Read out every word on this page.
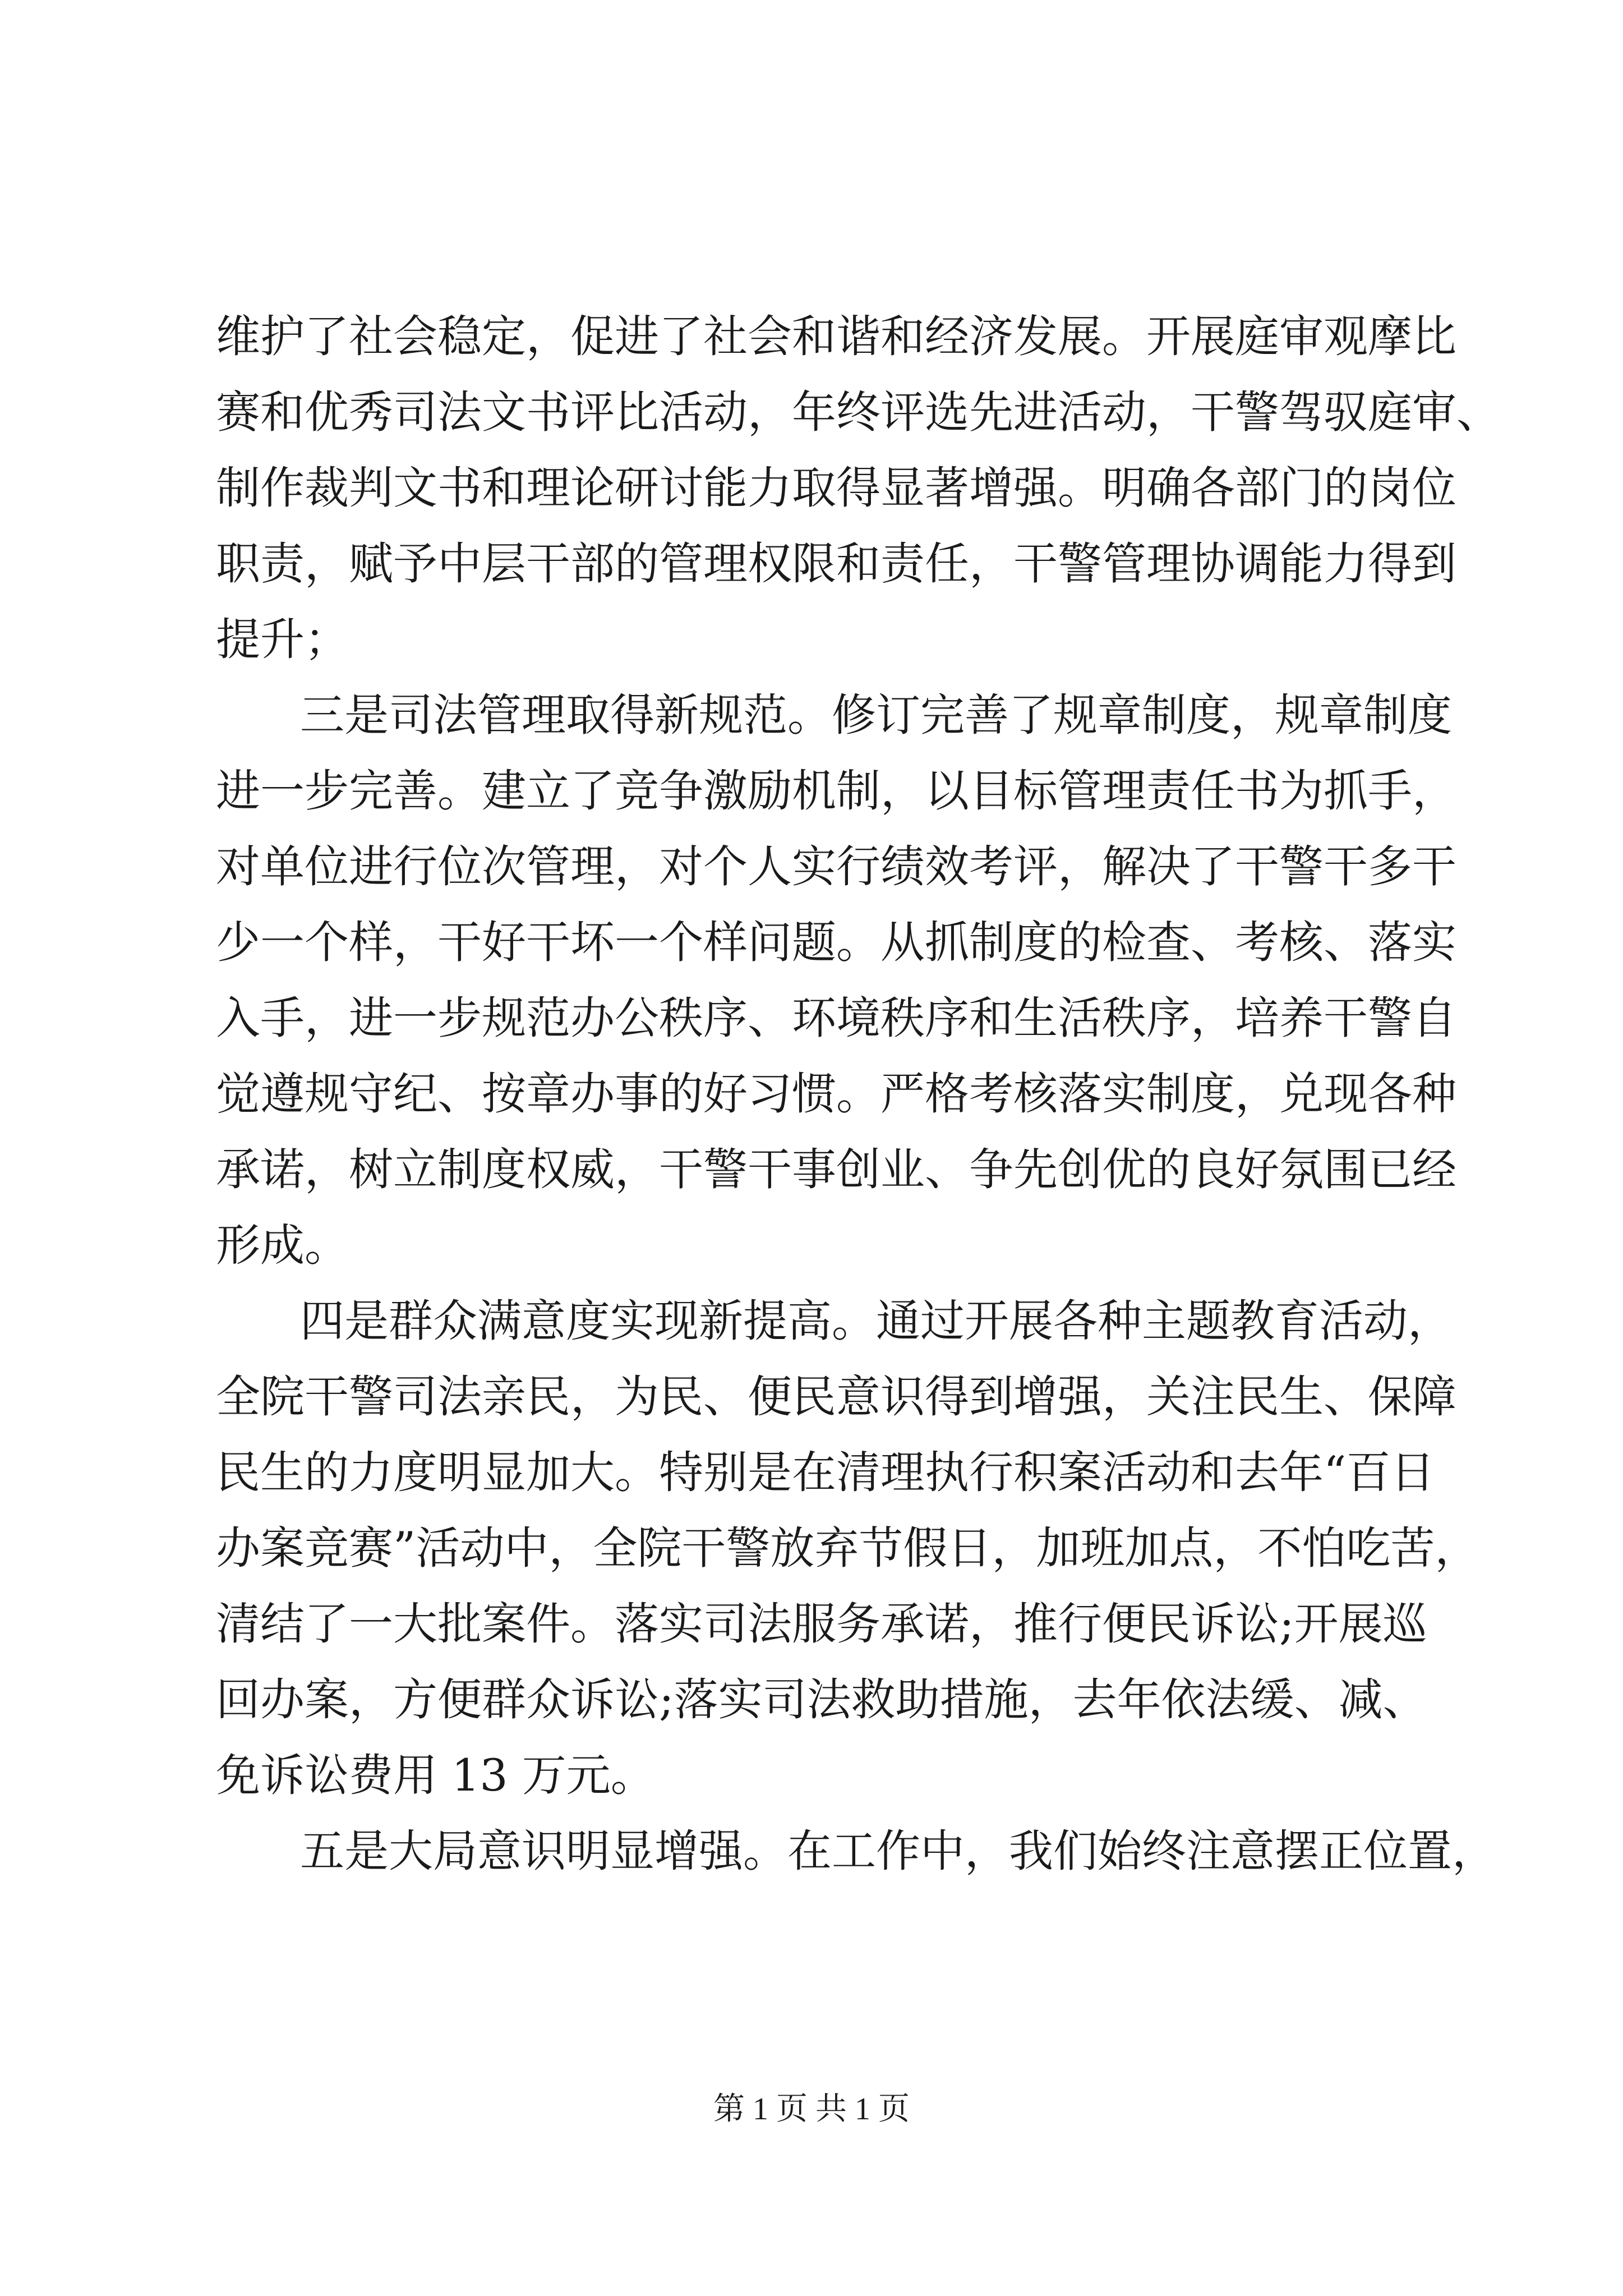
维护了社会稳定，促进了社会和谐和经济发展。开展庭审观摩比
赛和优秀司法文书评比活动，年终评选先进活动，干警驾驭庭审、
制作裁判文书和理论研讨能力取得显著增强。明确各部门的岗位
职责，赋予中层干部的管理权限和责任，干警管理协调能力得到
提升；
三是司法管理取得新规范。修订完善了规章制度，规章制度
进一步完善。建立了竞争激励机制，以目标管理责任书为抓手，
对单位进行位次管理，对个人实行绩效考评，解决了干警干多干
少一个样，干好干坏一个样问题。从抓制度的检查、考核、落实
入手，进一步规范办公秩序、环境秩序和生活秩序，培养干警自
觉遵规守纪、按章办事的好习惯。严格考核落实制度，兑现各种
承诺，树立制度权威，干警干事创业、争先创优的良好氛围已经
形成。
四是群众满意度实现新提高。通过开展各种主题教育活动，
全院干警司法亲民，为民、便民意识得到增强，关注民生、保障
民生的力度明显加大。特别是在清理执行积案活动和去年“百日
办案竞赛”活动中，全院干警放弃节假日，加班加点，不怕吃苦，
清结了一大批案件。落实司法服务承诺，推行便民诉讼;开展巡
回办案，方便群众诉讼;落实司法救助措施，去年依法缓、减、
免诉讼费用 13 万元。
五是大局意识明显增强。在工作中，我们始终注意摆正位置，
第 1 页 共 1 页
